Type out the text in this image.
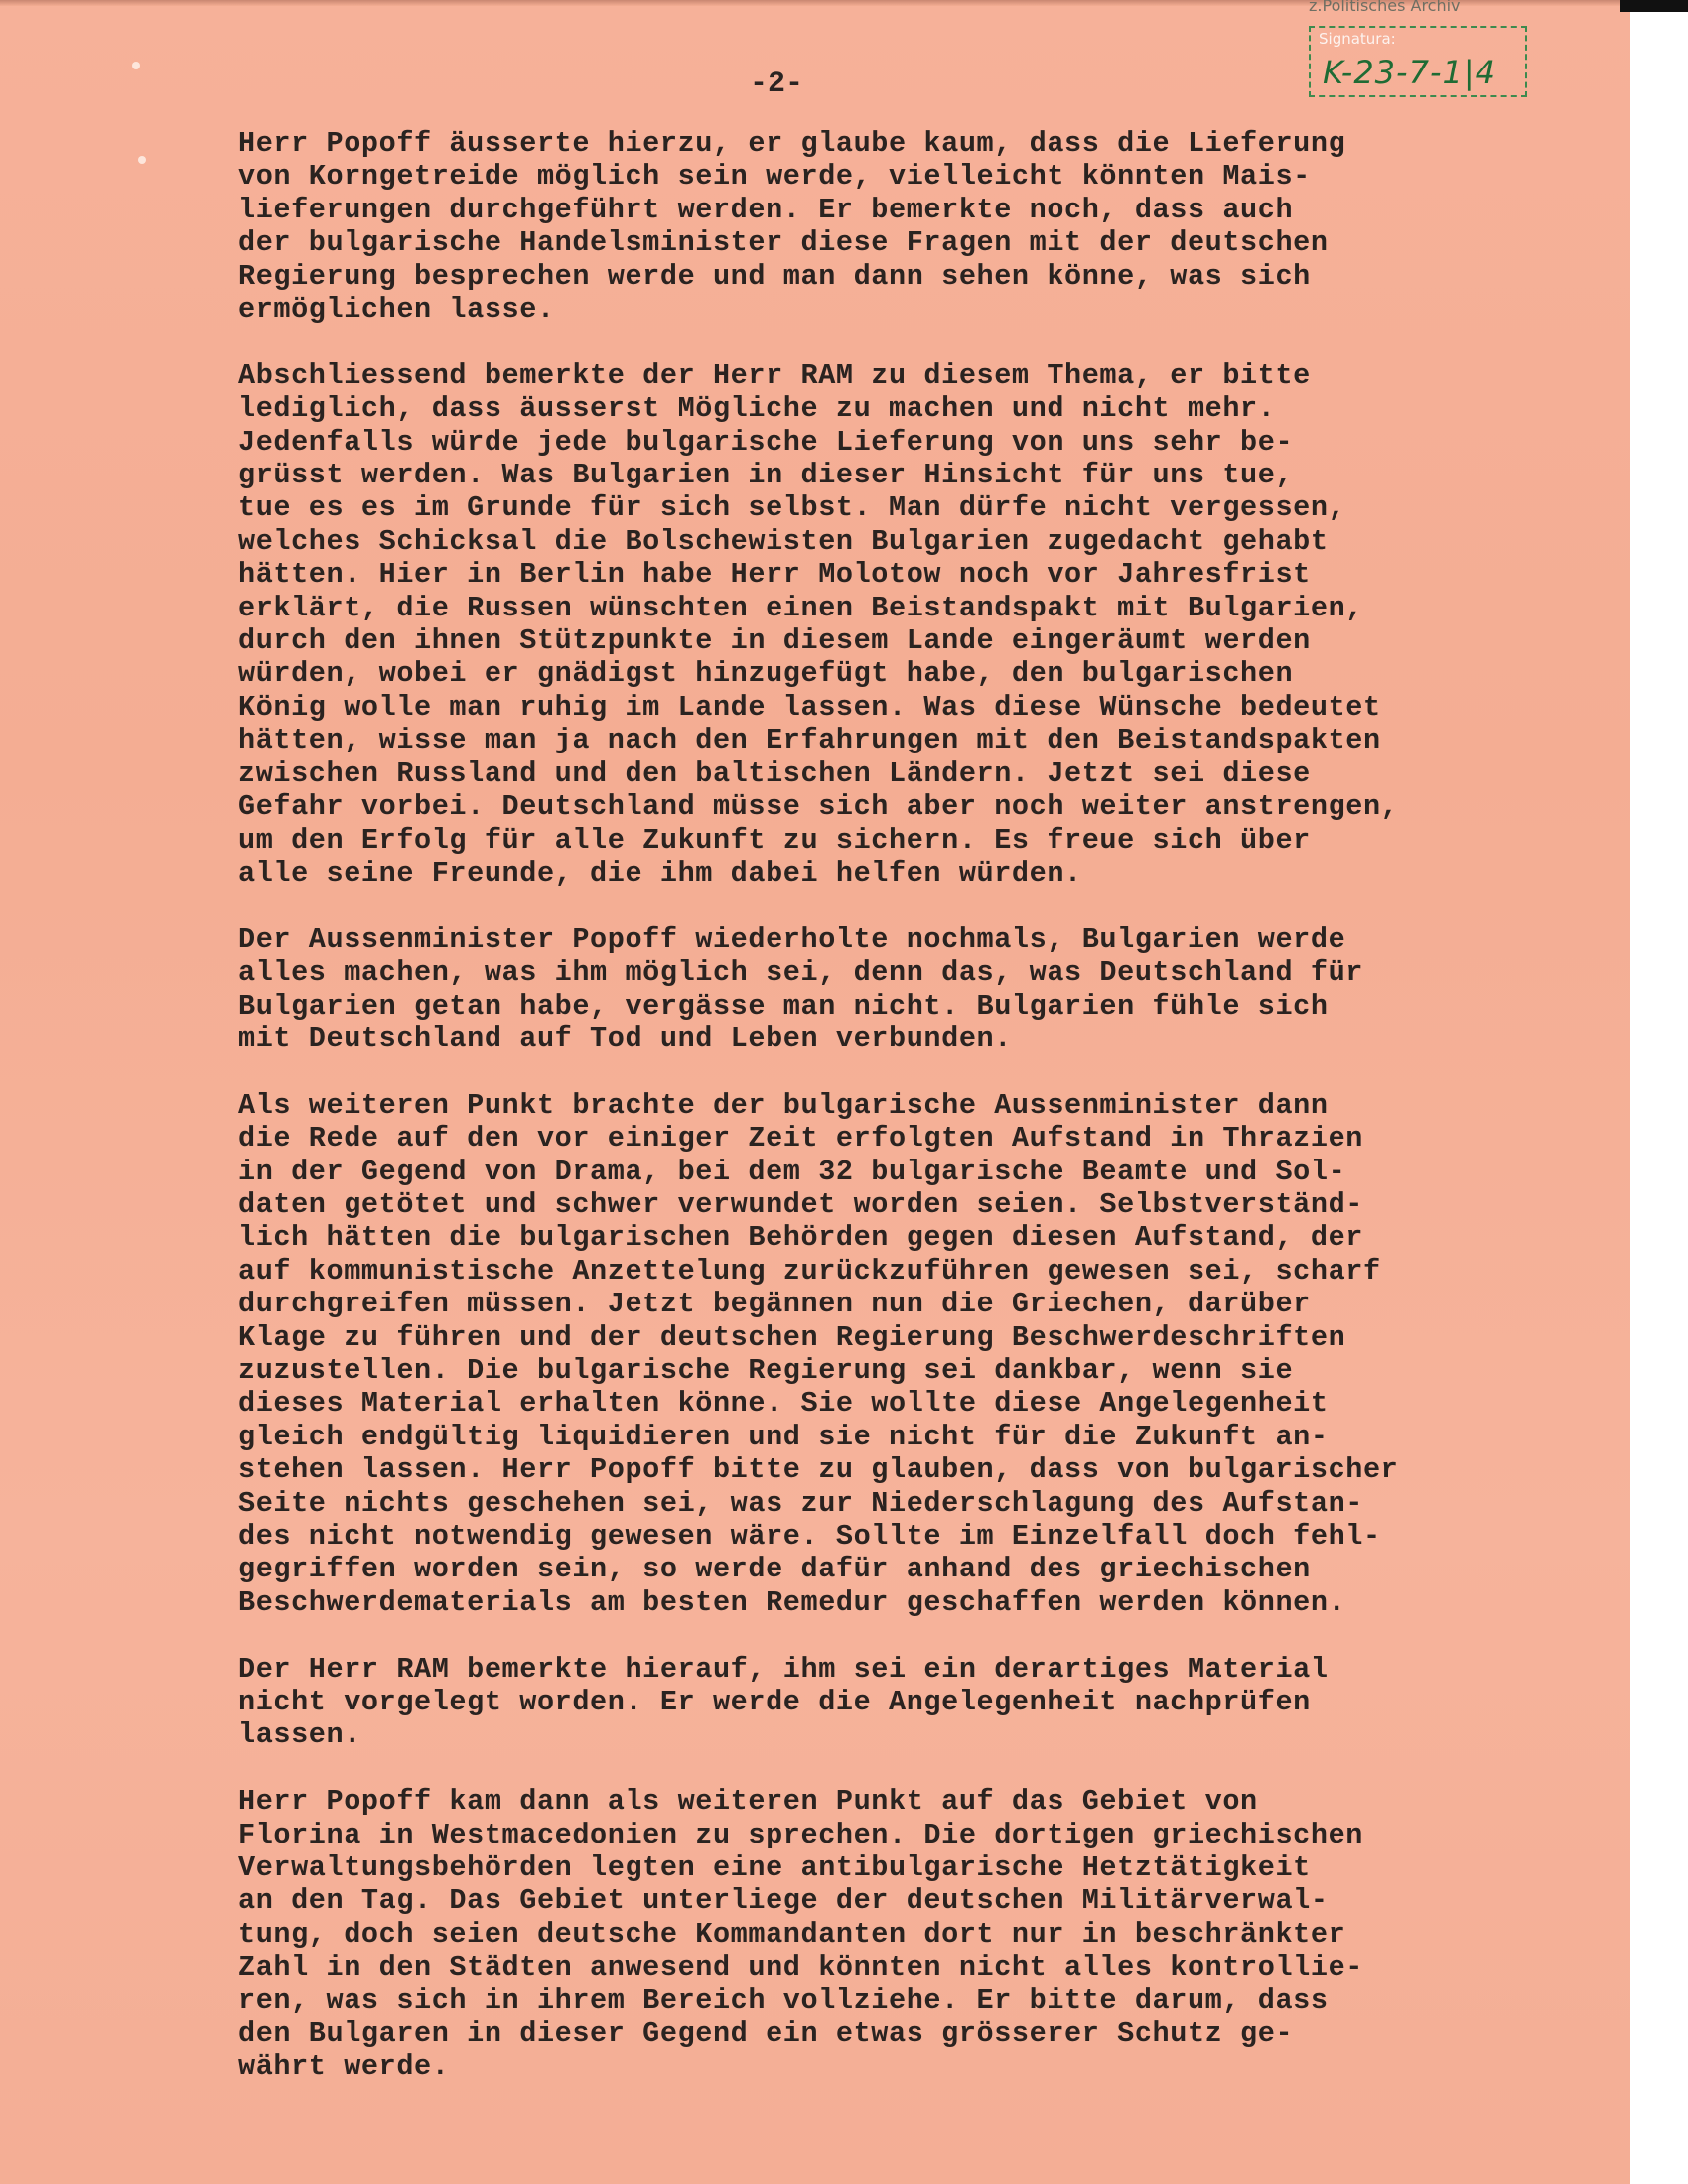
z.Politisches Archiv
Signatura:
K-23-7-1|4
-2-
Herr Popoff äusserte hierzu, er glaube kaum, dass die Lieferung
von Korngetreide möglich sein werde, vielleicht könnten Mais-
lieferungen durchgeführt werden. Er bemerkte noch, dass auch
der bulgarische Handelsminister diese Fragen mit der deutschen
Regierung besprechen werde und man dann sehen könne, was sich
ermöglichen lasse.
Abschliessend bemerkte der Herr RAM zu diesem Thema, er bitte
lediglich, dass äusserst Mögliche zu machen und nicht mehr.
Jedenfalls würde jede bulgarische Lieferung von uns sehr be-
grüsst werden. Was Bulgarien in dieser Hinsicht für uns tue,
tue es es im Grunde für sich selbst. Man dürfe nicht vergessen,
welches Schicksal die Bolschewisten Bulgarien zugedacht gehabt
hätten. Hier in Berlin habe Herr Molotow noch vor Jahresfrist
erklärt, die Russen wünschten einen Beistandspakt mit Bulgarien,
durch den ihnen Stützpunkte in diesem Lande eingeräumt werden
würden, wobei er gnädigst hinzugefügt habe, den bulgarischen
König wolle man ruhig im Lande lassen. Was diese Wünsche bedeutet
hätten, wisse man ja nach den Erfahrungen mit den Beistandspakten
zwischen Russland und den baltischen Ländern. Jetzt sei diese
Gefahr vorbei. Deutschland müsse sich aber noch weiter anstrengen,
um den Erfolg für alle Zukunft zu sichern. Es freue sich über
alle seine Freunde, die ihm dabei helfen würden.
Der Aussenminister Popoff wiederholte nochmals, Bulgarien werde
alles machen, was ihm möglich sei, denn das, was Deutschland für
Bulgarien getan habe, vergässe man nicht. Bulgarien fühle sich
mit Deutschland auf Tod und Leben verbunden.
Als weiteren Punkt brachte der bulgarische Aussenminister dann
die Rede auf den vor einiger Zeit erfolgten Aufstand in Thrazien
in der Gegend von Drama, bei dem 32 bulgarische Beamte und Sol-
daten getötet und schwer verwundet worden seien. Selbstverständ-
lich hätten die bulgarischen Behörden gegen diesen Aufstand, der
auf kommunistische Anzettelung zurückzuführen gewesen sei, scharf
durchgreifen müssen. Jetzt begännen nun die Griechen, darüber
Klage zu führen und der deutschen Regierung Beschwerdeschriften
zuzustellen. Die bulgarische Regierung sei dankbar, wenn sie
dieses Material erhalten könne. Sie wollte diese Angelegenheit
gleich endgültig liquidieren und sie nicht für die Zukunft an-
stehen lassen. Herr Popoff bitte zu glauben, dass von bulgarischer
Seite nichts geschehen sei, was zur Niederschlagung des Aufstan-
des nicht notwendig gewesen wäre. Sollte im Einzelfall doch fehl-
gegriffen worden sein, so werde dafür anhand des griechischen
Beschwerdematerials am besten Remedur geschaffen werden können.
Der Herr RAM bemerkte hierauf, ihm sei ein derartiges Material
nicht vorgelegt worden. Er werde die Angelegenheit nachprüfen
lassen.
Herr Popoff kam dann als weiteren Punkt auf das Gebiet von
Florina in Westmacedonien zu sprechen. Die dortigen griechischen
Verwaltungsbehörden legten eine antibulgarische Hetztätigkeit
an den Tag. Das Gebiet unterliege der deutschen Militärverwal-
tung, doch seien deutsche Kommandanten dort nur in beschränkter
Zahl in den Städten anwesend und könnten nicht alles kontrollie-
ren, was sich in ihrem Bereich vollziehe. Er bitte darum, dass
den Bulgaren in dieser Gegend ein etwas grösserer Schutz ge-
währt werde.
